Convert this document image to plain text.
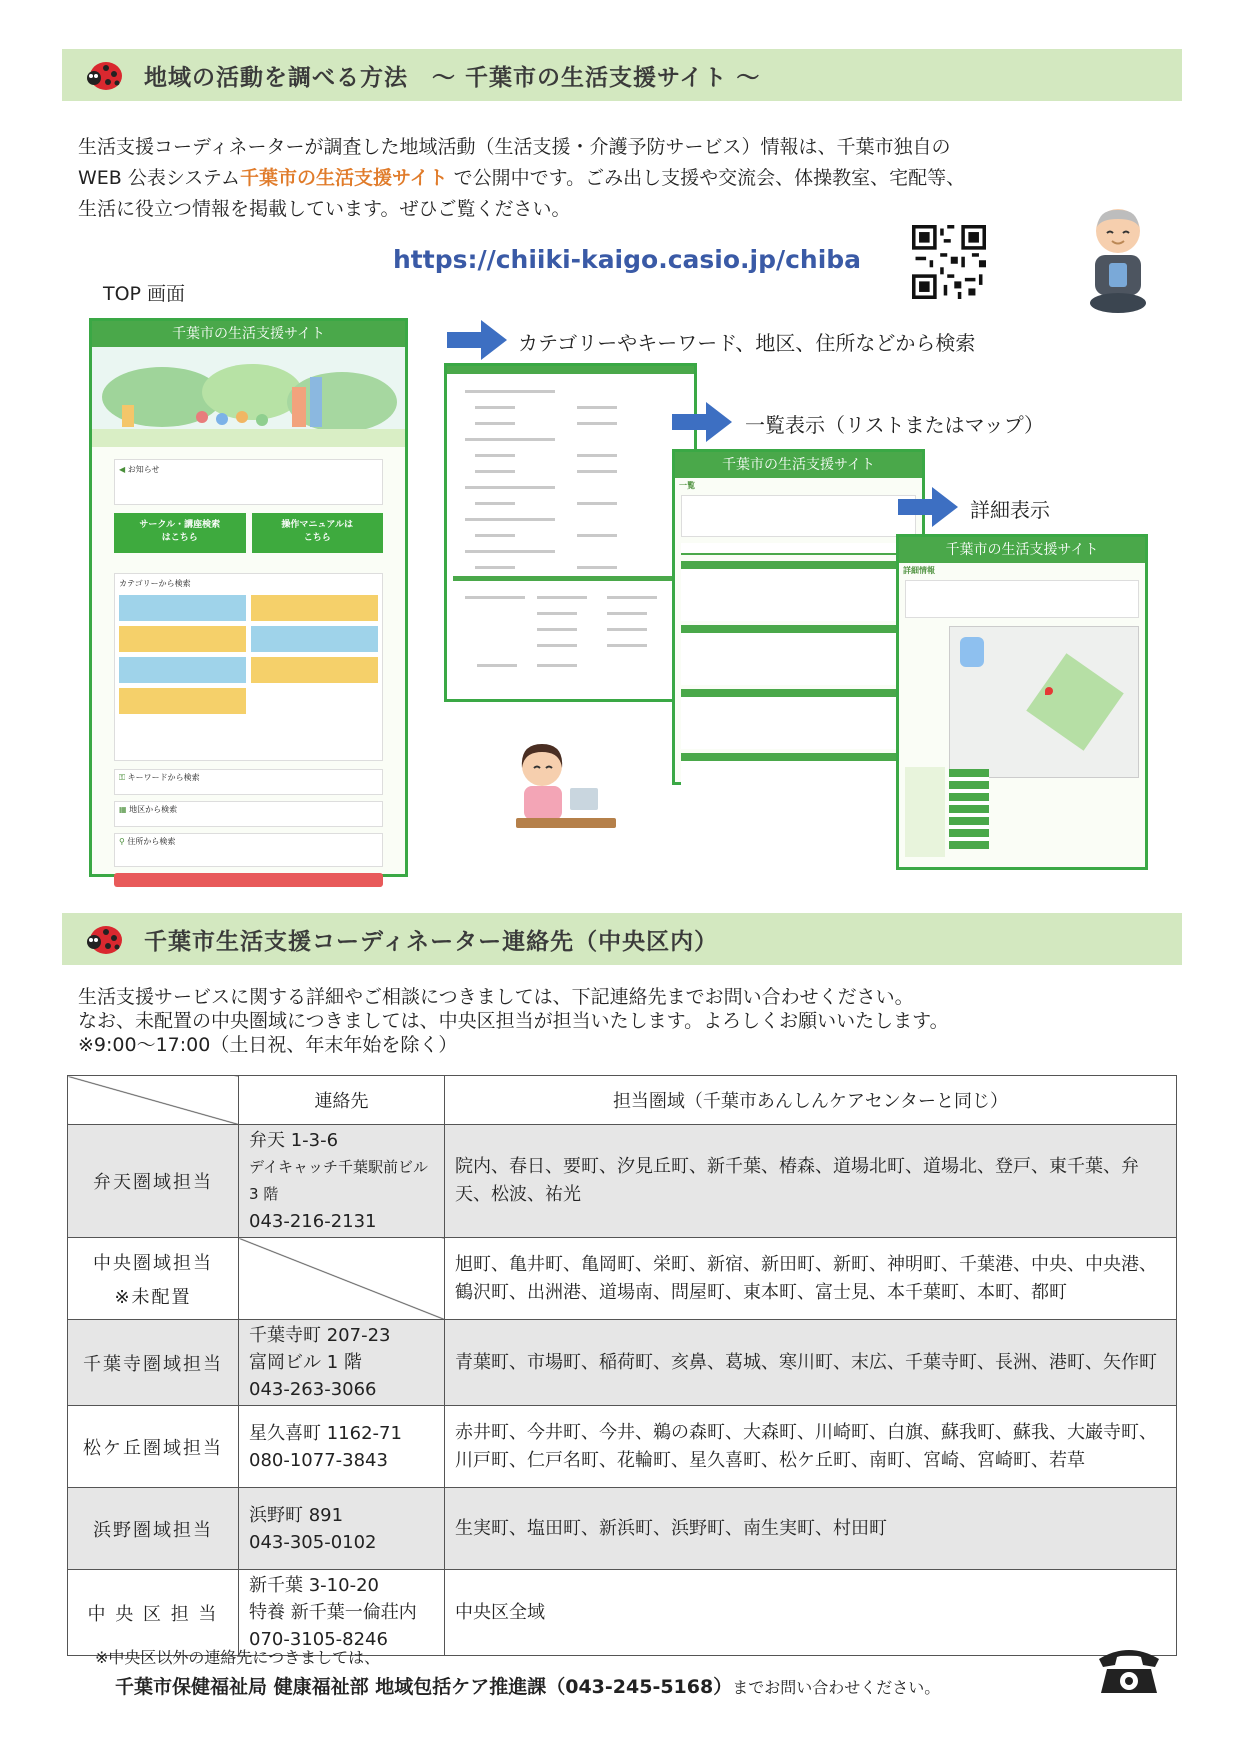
地域の活動を調べる方法　～ 千葉市の生活支援サイト ～
生活支援コーディネーターが調査した地域活動（生活支援・介護予防サービス）情報は、千葉市独自の
WEB 公表システム千葉市の生活支援サイト で公開中です。ごみ出し支援や交流会、体操教室、宅配等、
生活に役立つ情報を掲載しています。ぜひご覧ください。
https://chiiki-kaigo.casio.jp/chiba
TOP 画面
千葉市の生活支援サイト
◀ お知らせ
サークル・講座検索
はこちら
操作マニュアルは
こちら
カテゴリーから検索
⚿ キーワードから検索
▦ 地区から検索
⚲ 住所から検索
カテゴリーやキーワード、地区、住所などから検索
一覧表示（リストまたはマップ）
千葉市の生活支援サイト
一覧
詳細表示
千葉市の生活支援サイト
詳細情報
千葉市生活支援コーディネーター連絡先（中央区内）
生活支援サービスに関する詳細やご相談につきましては、下記連絡先までお問い合わせください。
なお、未配置の中央圏域につきましては、中央区担当が担当いたします。よろしくお願いいたします。
※9:00～17:00（土日祝、年末年始を除く）
	連絡先	担当圏域（千葉市あんしんケアセンターと同じ）
弁天圏域担当	弁天 1-3-6
デイキャッチ千葉駅前ビル 3 階
043-216-2131	院内、春日、要町、汐見丘町、新千葉、椿森、道場北町、道場北、登戸、東千葉、弁天、松波、祐光

中央圏域担当
※未配置		旭町、亀井町、亀岡町、栄町、新宿、新田町、新町、神明町、千葉港、中央、中央港、鶴沢町、出洲港、道場南、問屋町、東本町、富士見、本千葉町、本町、都町
千葉寺圏域担当	千葉寺町 207-23
富岡ビル 1 階
043-263-3066	青葉町、市場町、稲荷町、亥鼻、葛城、寒川町、末広、千葉寺町、長洲、港町、矢作町
松ケ丘圏域担当	星久喜町 1162-71
080-1077-3843	赤井町、今井町、今井、鵜の森町、大森町、川崎町、白旗、蘇我町、蘇我、大巌寺町、川戸町、仁戸名町、花輪町、星久喜町、松ケ丘町、南町、宮崎、宮崎町、若草
浜野圏域担当	浜野町 891
043-305-0102	生実町、塩田町、新浜町、浜野町、南生実町、村田町
中 央 区 担 当	新千葉 3-10-20
特養 新千葉一倫荘内
070-3105-8246	中央区全域
※中央区以外の連絡先につきましては、
千葉市保健福祉局 健康福祉部 地域包括ケア推進課（043-245-5168）までお問い合わせください。
